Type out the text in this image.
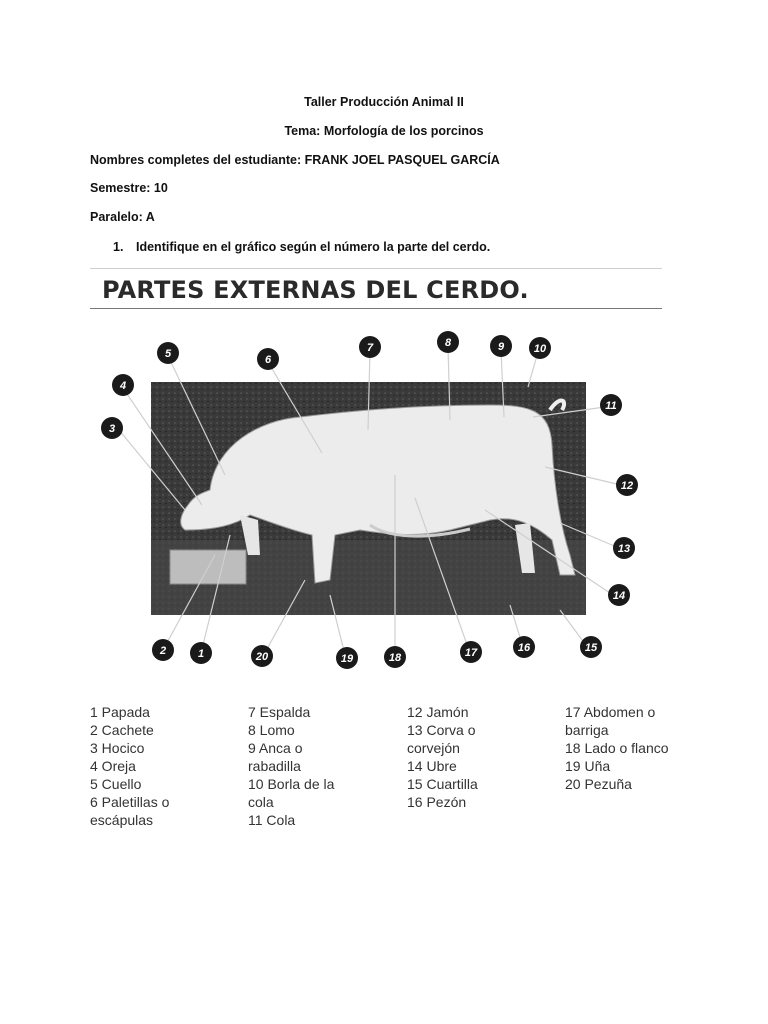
Taller Producción Animal II
Tema: Morfología de los porcinos
Nombres completes del estudiante: FRANK JOEL PASQUEL GARCÍA
Semestre: 10
Paralelo: A
1. Identifique en el gráfico según el número la parte del cerdo.
PARTES EXTERNAS DEL CERDO.
1
2
3
4
5	6
7	8	9	10
11
12
13
14
15
16
17
18
19
20
1 Papada
2 Cachete
3 Hocico
4 Oreja
5 Cuello
6 Paletillas o escápulas
7 Espalda
8 Lomo
9 Anca o rabadilla
10 Borla de la cola
11 Cola
12 Jamón
13 Corva o corvejón
14 Ubre
15 Cuartilla
16 Pezón
17 Abdomen o barriga
18 Lado o flanco
19 Uña
20 Pezuña
